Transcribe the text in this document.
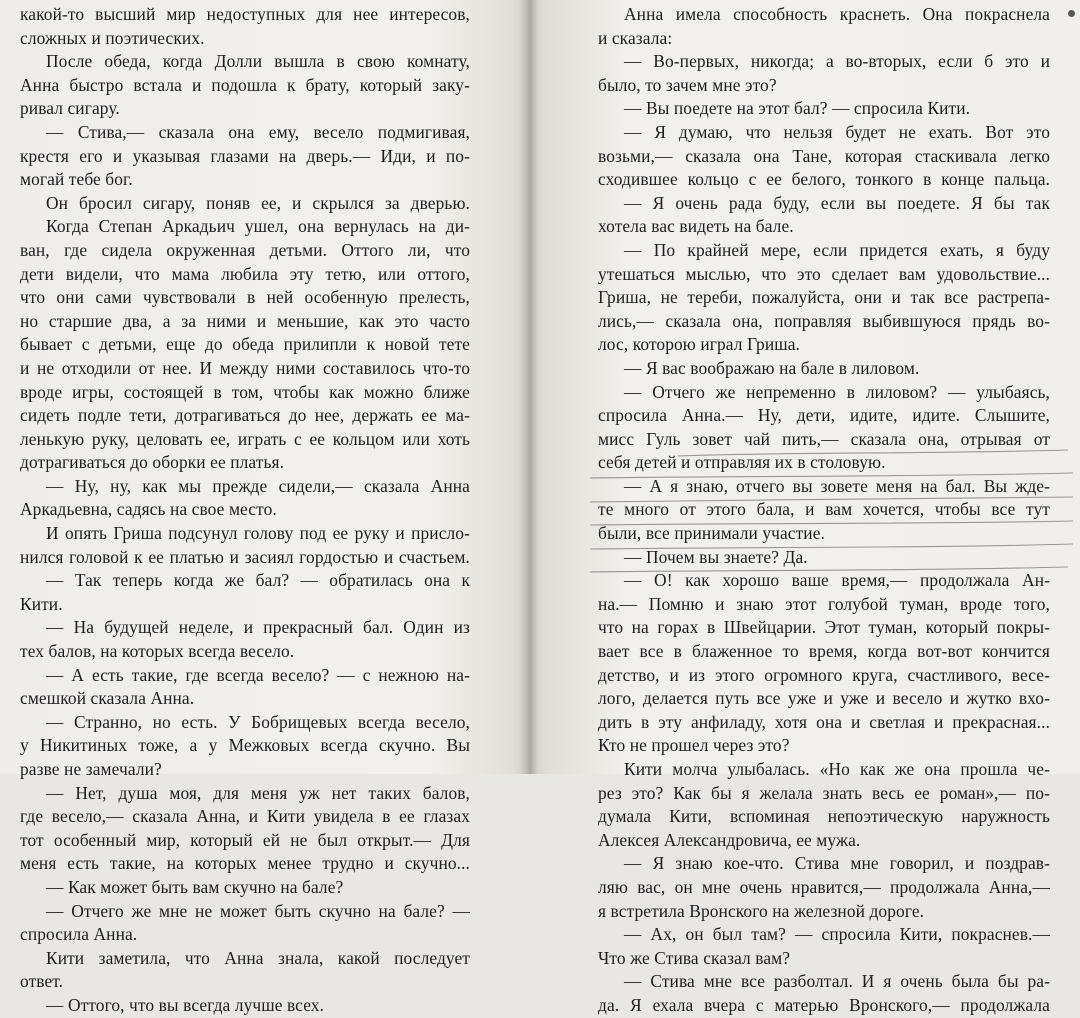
какой-то высший мир недоступных для нее интересов,
сложных и поэтических.
После обеда, когда Долли вышла в свою комнату,
Анна быстро встала и подошла к брату, который заку-
ривал сигару.
— Стива,— сказала она ему, весело подмигивая,
крестя его и указывая глазами на дверь.— Иди, и по-
могай тебе бог.
Он бросил сигару, поняв ее, и скрылся за дверью.
Когда Степан Аркадьич ушел, она вернулась на ди-
ван, где сидела окруженная детьми. Оттого ли, что
дети видели, что мама любила эту тетю, или оттого,
что они сами чувствовали в ней особенную прелесть,
но старшие два, а за ними и меньшие, как это часто
бывает с детьми, еще до обеда прилипли к новой тете
и не отходили от нее. И между ними составилось что-то
вроде игры, состоящей в том, чтобы как можно ближе
сидеть подле тети, дотрагиваться до нее, держать ее ма-
ленькую руку, целовать ее, играть с ее кольцом или хоть
дотрагиваться до оборки ее платья.
— Ну, ну, как мы прежде сидели,— сказала Анна
Аркадьевна, садясь на свое место.
И опять Гриша подсунул голову под ее руку и присло-
нился головой к ее платью и засиял гордостью и счастьем.
— Так теперь когда же бал? — обратилась она к
Кити.
— На будущей неделе, и прекрасный бал. Один из
тех балов, на которых всегда весело.
— А есть такие, где всегда весело? — с нежною на-
смешкой сказала Анна.
— Странно, но есть. У Бобрищевых всегда весело,
у Никитиных тоже, а у Межковых всегда скучно. Вы
разве не замечали?
— Нет, душа моя, для меня уж нет таких балов,
где весело,— сказала Анна, и Кити увидела в ее глазах
тот особенный мир, который ей не был открыт.— Для
меня есть такие, на которых менее трудно и скучно...
— Как может быть вам скучно на бале?
— Отчего же мне не может быть скучно на бале? —
спросила Анна.
Кити заметила, что Анна знала, какой последует
ответ.
— Оттого, что вы всегда лучше всех.
Анна имела способность краснеть. Она покраснела
и сказала:
— Во-первых, никогда; а во-вторых, если б это и
было, то зачем мне это?
— Вы поедете на этот бал? — спросила Кити.
— Я думаю, что нельзя будет не ехать. Вот это
возьми,— сказала она Тане, которая стаскивала легко
сходившее кольцо с ее белого, тонкого в конце пальца.
— Я очень рада буду, если вы поедете. Я бы так
хотела вас видеть на бале.
— По крайней мере, если придется ехать, я буду
утешаться мыслью, что это сделает вам удовольствие...
Гриша, не тереби, пожалуйста, они и так все растрепа-
лись,— сказала она, поправляя выбившуюся прядь во-
лос, которою играл Гриша.
— Я вас воображаю на бале в лиловом.
— Отчего же непременно в лиловом? — улыбаясь,
спросила Анна.— Ну, дети, идите, идите. Слышите,
мисс Гуль зовет чай пить,— сказала она, отрывая от
себя детей и отправляя их в столовую.
— А я знаю, отчего вы зовете меня на бал. Вы жде-
те много от этого бала, и вам хочется, чтобы все тут
были, все принимали участие.
— Почем вы знаете? Да.
— О! как хорошо ваше время,— продолжала Ан-
на.— Помню и знаю этот голубой туман, вроде того,
что на горах в Швейцарии. Этот туман, который покры-
вает все в блаженное то время, когда вот-вот кончится
детство, и из этого огромного круга, счастливого, весе-
лого, делается путь все уже и уже и весело и жутко вхо-
дить в эту анфиладу, хотя она и светлая и прекрасная...
Кто не прошел через это?
Кити молча улыбалась. «Но как же она прошла че-
рез это? Как бы я желала знать весь ее роман»,— по-
думала Кити, вспоминая непоэтическую наружность
Алексея Александровича, ее мужа.
— Я знаю кое-что. Стива мне говорил, и поздрав-
ляю вас, он мне очень нравится,— продолжала Анна,—
я встретила Вронского на железной дороге.
— Ах, он был там? — спросила Кити, покраснев.—
Что же Стива сказал вам?
— Стива мне все разболтал. И я очень была бы ра-
да. Я ехала вчера с матерью Вронского,— продолжала
